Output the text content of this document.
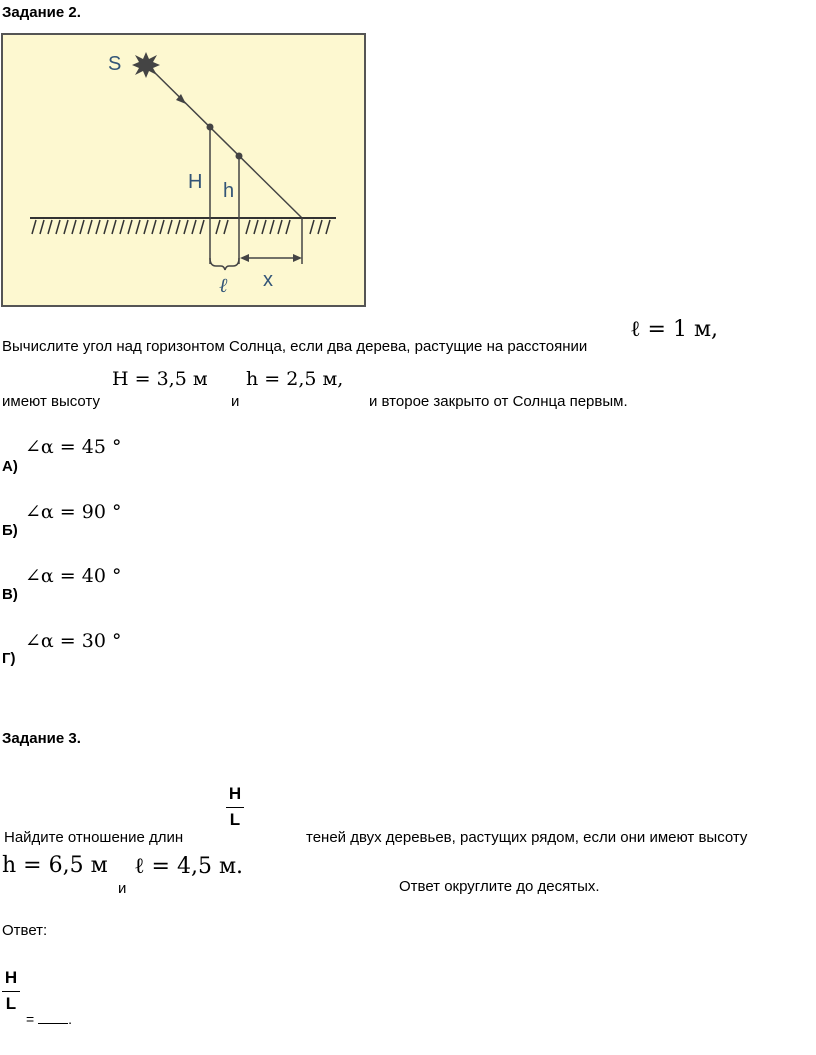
Задание 2.
S
H h
ℓ x
Вычислите угол над горизонтом Солнца, если два дерева, растущие на расстоянии
ℓ = 1 м,
имеют высоту
H = 3,5 м
и
h = 2,5 м,
и второе закрыто от Солнца первым.
А)
∠α = 45 °
Б)
∠α = 90 °
В)
∠α = 40 °
Г)
∠α = 30 °
Задание 3.
Найдите отношение длин
H
L
теней двух деревьев, растущих рядом, если они имеют высоту
h = 6,5 м
и
ℓ = 4,5 м.
Ответ округлите до десятых.
Ответ:
H
L
= .
